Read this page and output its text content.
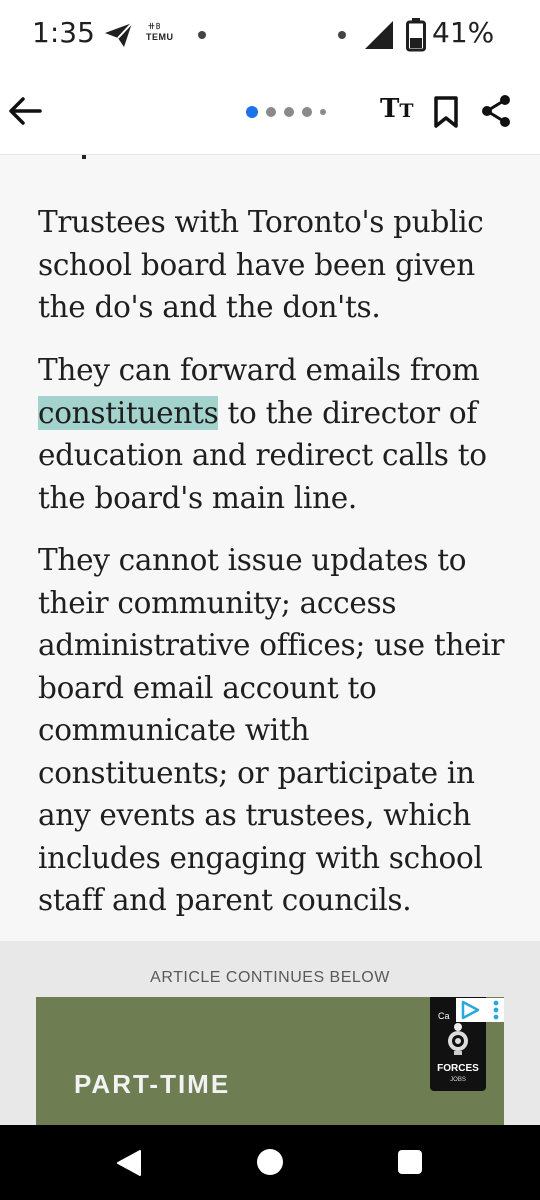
1:35	ꔠꕗ
TEMU	41%
TT

Trustees with Toronto's public school board have been given the do's and the don'ts.

They can forward emails from constituents to the director of education and redirect calls to the board's main line.

They cannot issue updates to their community; access administrative offices; use their board email account to communicate with constituents; or participate in any events as trustees, which includes engaging with school staff and parent councils.

ARTICLE CONTINUES BELOW
PART-TIME
Ca
FORCES
JOBS
